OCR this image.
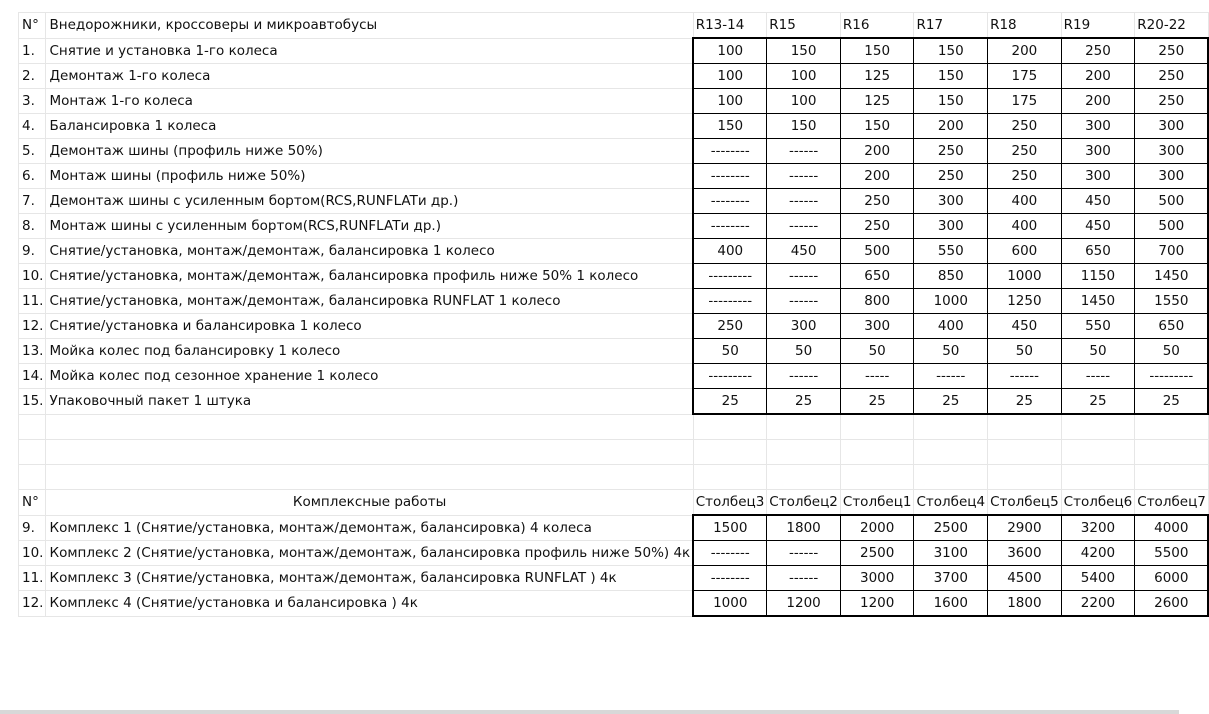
N°	Внедорожники, кроссоверы и микроавтобусы	R13-14	R15	R16	R17	R18	R19	R20-22
1.	Снятие и установка 1-го колеса	100	150	150	150	200	250	250
2.	Демонтаж 1-го колеса	100	100	125	150	175	200	250
3.	Монтаж 1-го колеса	100	100	125	150	175	200	250
4.	Балансировка 1 колеса	150	150	150	200	250	300	300
5.	Демонтаж шины (профиль ниже 50%)	--------	------	200	250	250	300	300
6.	Монтаж шины (профиль ниже 50%)	--------	------	200	250	250	300	300
7.	Демонтаж шины с усиленным бортом(RCS,RUNFLATи др.)	--------	------	250	300	400	450	500
8.	Монтаж шины с усиленным бортом(RCS,RUNFLATи др.)	--------	------	250	300	400	450	500
9.	Снятие/установка, монтаж/демонтаж, балансировка 1 колесо	400	450	500	550	600	650	700
10.	Снятие/установка, монтаж/демонтаж, балансировка профиль ниже 50% 1 колесо	---------	------	650	850	1000	1150	1450
11.	Снятие/установка, монтаж/демонтаж, балансировка RUNFLAT 1 колесо	---------	------	800	1000	1250	1450	1550
12.	Снятие/установка и балансировка 1 колесо	250	300	300	400	450	550	650
13.	Мойка колес под балансировку 1 колесо	50	50	50	50	50	50	50
14.	Мойка колес под сезонное хранение 1 колесо	---------	------	-----	------	------	-----	---------
15.	Упаковочный пакет 1 штука	25	25	25	25	25	25	25

N°	Комплексные работы	Столбец3	Столбец2	Столбец1	Столбец4	Столбец5	Столбец6	Столбец7
9.	Комплекс 1 (Снятие/установка, монтаж/демонтаж, балансировка) 4 колеса	1500	1800	2000	2500	2900	3200	4000
10.	Комплекс 2 (Снятие/установка, монтаж/демонтаж, балансировка профиль ниже 50%) 4к	--------	------	2500	3100	3600	4200	5500
11.	Комплекс 3 (Снятие/установка, монтаж/демонтаж, балансировка RUNFLAT ) 4к	--------	------	3000	3700	4500	5400	6000
12.	Комплекс 4 (Снятие/установка и балансировка ) 4к	1000	1200	1200	1600	1800	2200	2600
